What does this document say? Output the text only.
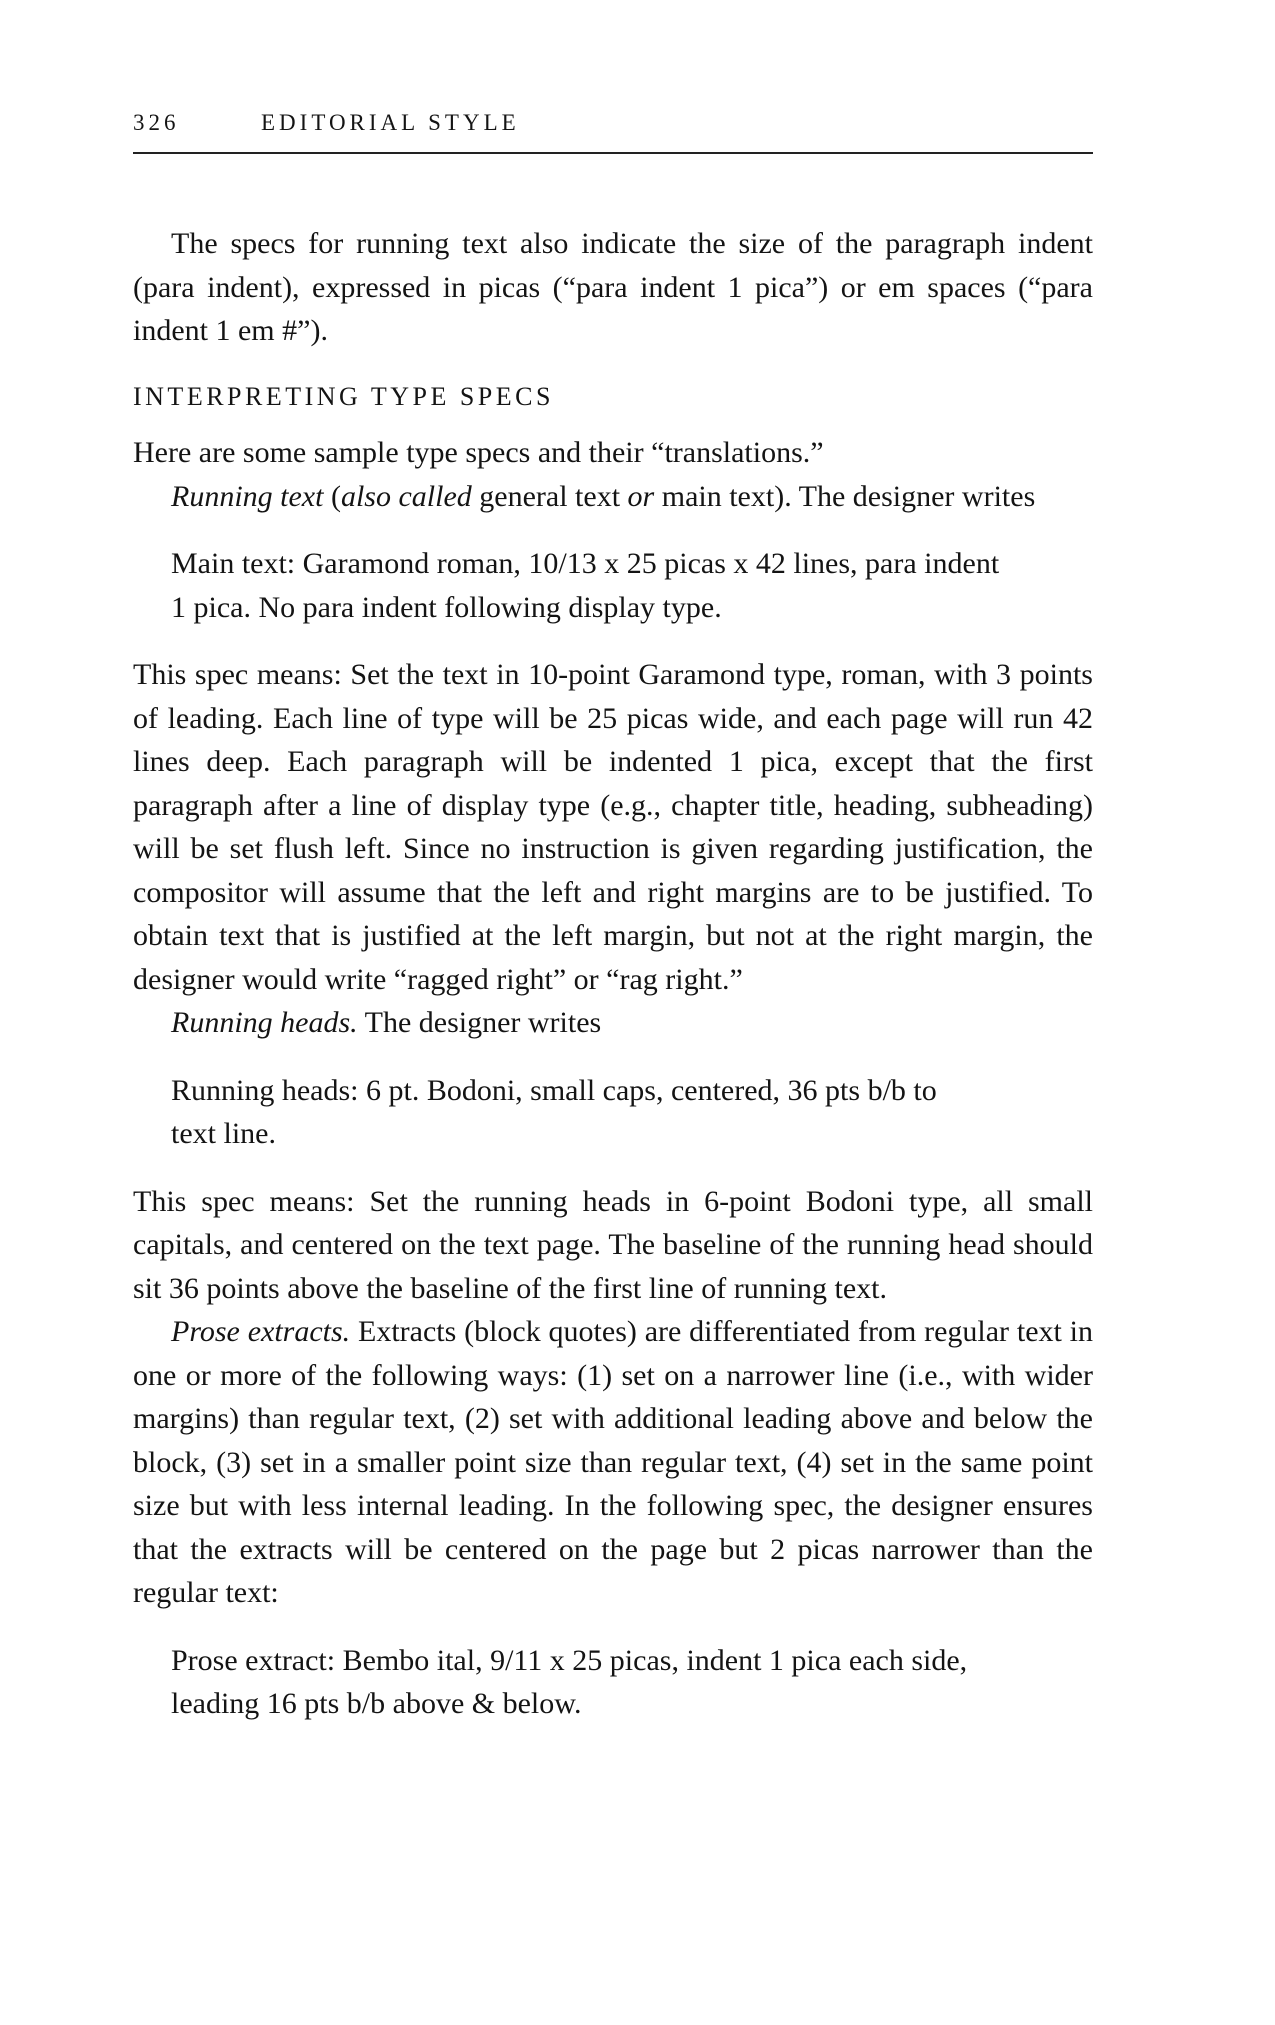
326	EDITORIAL STYLE

The specs for running text also indicate the size of the paragraph indent (para indent), expressed in picas (“para indent 1 pica”) or em spaces (“para indent 1 em #”).

INTERPRETING TYPE SPECS

Here are some sample type specs and their “translations.”

Running text (also called general text or main text). The designer writes

Main text: Garamond roman, 10/13 x 25 picas x 42 lines, para indent
1 pica. No para indent following display type.

This spec means: Set the text in 10-point Garamond type, roman, with 3 points of leading. Each line of type will be 25 picas wide, and each page will run 42 lines deep. Each paragraph will be indented 1 pica, except that the first paragraph after a line of display type (e.g., chapter title, heading, subheading) will be set flush left. Since no instruction is given regarding justification, the compositor will assume that the left and right margins are to be justified. To obtain text that is justified at the left margin, but not at the right margin, the designer would write “ragged right” or “rag right.”

Running heads. The designer writes

Running heads: 6 pt. Bodoni, small caps, centered, 36 pts b/b to
text line.

This spec means: Set the running heads in 6-point Bodoni type, all small capitals, and centered on the text page. The baseline of the running head should sit 36 points above the baseline of the first line of running text.

Prose extracts. Extracts (block quotes) are differentiated from regular text in one or more of the following ways: (1) set on a narrower line (i.e., with wider margins) than regular text, (2) set with additional leading above and below the block, (3) set in a smaller point size than regular text, (4) set in the same point size but with less internal leading. In the following spec, the designer ensures that the extracts will be centered on the page but 2 picas narrower than the regular text:

Prose extract: Bembo ital, 9/11 x 25 picas, indent 1 pica each side,
leading 16 pts b/b above & below.
